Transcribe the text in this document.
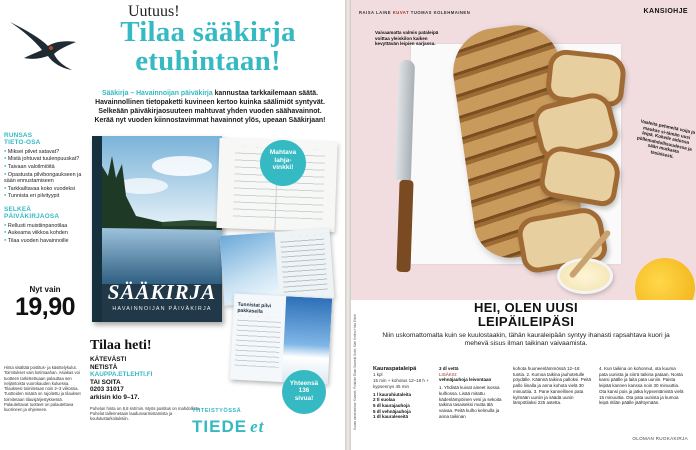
Uutuus!
Tilaa sääkirja
etuhintaan!
Sääkirja – Havainnoijan päiväkirja kannustaa tarkkailemaan säätä.
Havainnollinen tietopaketti kuvineen kertoo kuinka säälimiöt syntyvät.
Selkeään päiväkirjaosuuteen mahtuvat yhden vuoden säähavainnot.
Kerää nyt vuoden kiinnostavimmat havainnot ylös, upeaan Sääkirjaan!
RUNSAS
TIETO-OSA
● Miksei pilvet satavat?
● Mistä johtuvat tuulenpuuskat?
● Taivaan valoilmiöitä
● Opastusta pilvibongaukseen ja sään ennustamiseen
● Tarkkailtavaa koko vuodeksi
● Tunnista eri pilvityypit
SELKEÄ
PÄIVÄKIRJAOSA
● Rellusti muistiinpanotilaa
● Aukeama viikkoa kohden
● Tilaa vuoden havainnoille
SÄÄKIRJA
HAVAINNOIJAN PÄIVÄKIRJA
Mahtava
lahja-
vinkki!
Tunnistat pilvi pakkasella
Nyt vain
19,90
Hinta sisältää postitus- ja käsittelykulut. Toimitukset vain kotimaahan. Asiakas voi tuotteen tarkistettuaan palauttaa sen neljäntoista vuorokauden kuluessa. Tilauksesi toimitetaan noin 2–3 viikossa. Tuotteiden määrä on rajoitettu ja tilaukset toimitetaan tilausjärjestyksessä. Palautettavat tuotteet on palautettava kuorineen ja ohjeineen.
Tilaa heti!
KÄTEVÄSTI
NETISTÄ
KAUPPA.ETLEHTI.FI
TAI SOITA
0203 31017
arkisin klo 9–17.
Puhelun hinta on 8,8 snt/min. Myös postitus on mahdollista. Puhelut tallennetaan laadunvarmistamista ja koulutustarkoituksiin.
YHTEISTYÖSSÄ
TIEDE et
Yhteensä
136
sivua!
RAISA LAINE KUVAT TUOMAS KOLEHMAINEN	KANSIOHJE
Vaivaamatta valmis pataleipä voittaa yleiskilon kaiken kevyttävän leipien sarjassa.
Vaaleita pehmeitä voija ja maukas si-tämän uusi leipä. Kokeile aidossa pöllemahdollisuudessa ja sään mutkasta tasiaisesti.
Kuvaa varatoimitus: Kivaset, Pullakke Ekan Saarela Solei, Mari Kotiivu Hola Eliotit
HEI, OLEN UUSI
LEIPÄILEIPÄSI
Niin uskomattomalta kuin se kuulostaakin, tähän kauraleipään syntyy ihanasti rapsahtava kuori ja mehevä sisus ilman taikinan vaivaamista.
Kauraspataleipä
1 kpl
15 min + kohotus 12–18 h + kypsennys 45 min
1 l kaurahiutaleita
2 tl suolaa
5 dl kaurajauhoja
5 dl vehnäjauhoja
1 dl kauraleseitä
3 dl vettä
LISÄKSI:
vehnäjauhoja leivontaan
1. Yhdistä kuivat aineet isossa kulhossa. Lisää mitattu kädenlämpöinen vesi ja sekoita taikina tasaiseksi mutta älä vaivaa. Peitä kulho kelmulla ja anna taikinan
kohota huoneenlämmössä 12–18 tuntia. 2. Kumoa taikina jauhotetulle pöydälle. Käännä taikina palloksi. Peitä pallo liinalla ja anna kohota vielä 30 minuuttia. 3. Pane kannellinen pata kylmään uuniin ja säädä uunin lämpötilaksi 225 astetta.
4. Kun taikina on kohonnut, ota kuuma pata uunista ja siirrä taikina pataan. Nosta kansi päälle ja laita pata uuniin. Paista leipää kannen kanssa noin 30 minuuttia. Ota kansi pois ja jatka kypsentämistä vielä 15 minuuttia. Ota pata uunista ja kumoa leipä ritilän päälle jäähtymään.
OLOMAN RUOKAKIRJA
